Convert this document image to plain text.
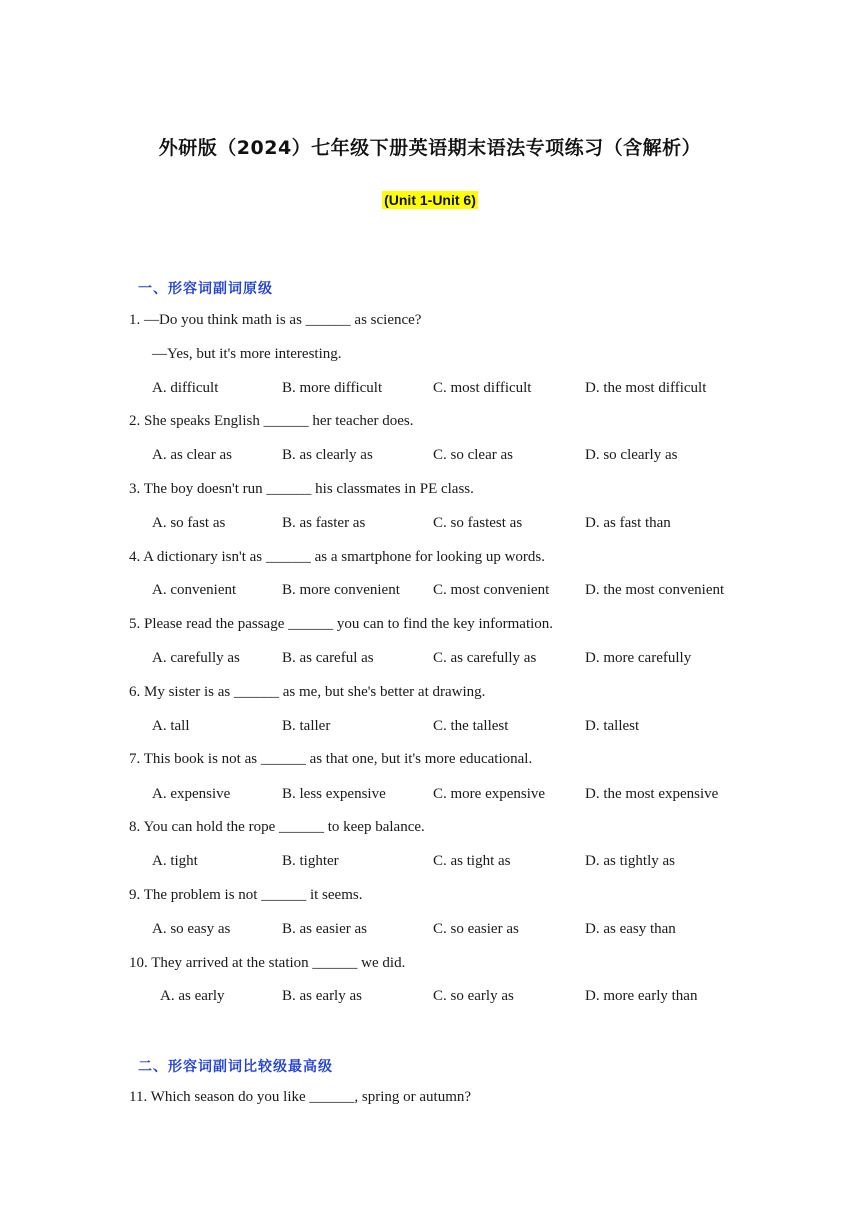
外研版（2024）七年级下册英语期末语法专项练习（含解析）
(Unit 1-Unit 6)
一、形容词副词原级
1. —Do you think math is as ______ as science?
—Yes, but it's more interesting.
A. difficult	B. more difficult	C. most difficult	D. the most difficult
2. She speaks English ______ her teacher does.
A. as clear as	B. as clearly as	C. so clear as	D. so clearly as
3. The boy doesn't run ______ his classmates in PE class.
A. so fast as	B. as faster as	C. so fastest as	D. as fast than
4. A dictionary isn't as ______ as a smartphone for looking up words.
A. convenient	B. more convenient C. most convenient D. the most convenient
5. Please read the passage ______ you can to find the key information.
A. carefully as	B. as careful as	C. as carefully as	D. more carefully
6. My sister is as ______ as me, but she's better at drawing.
A. tall	B. taller	C. the tallest	D. tallest
7. This book is not as ______ as that one, but it's more educational.
A. expensive	B. less expensive	C. more expensive	D. the most expensive
8. You can hold the rope ______ to keep balance.
A. tight	B. tighter	C. as tight as	D. as tightly as
9. The problem is not ______ it seems.
A. so easy as	B. as easier as	C. so easier as	D. as easy than
10. They arrived at the station ______ we did.
A. as early	B. as early as	C. so early as	D. more early than
二、形容词副词比较级最高级
11. Which season do you like ______, spring or autumn?
